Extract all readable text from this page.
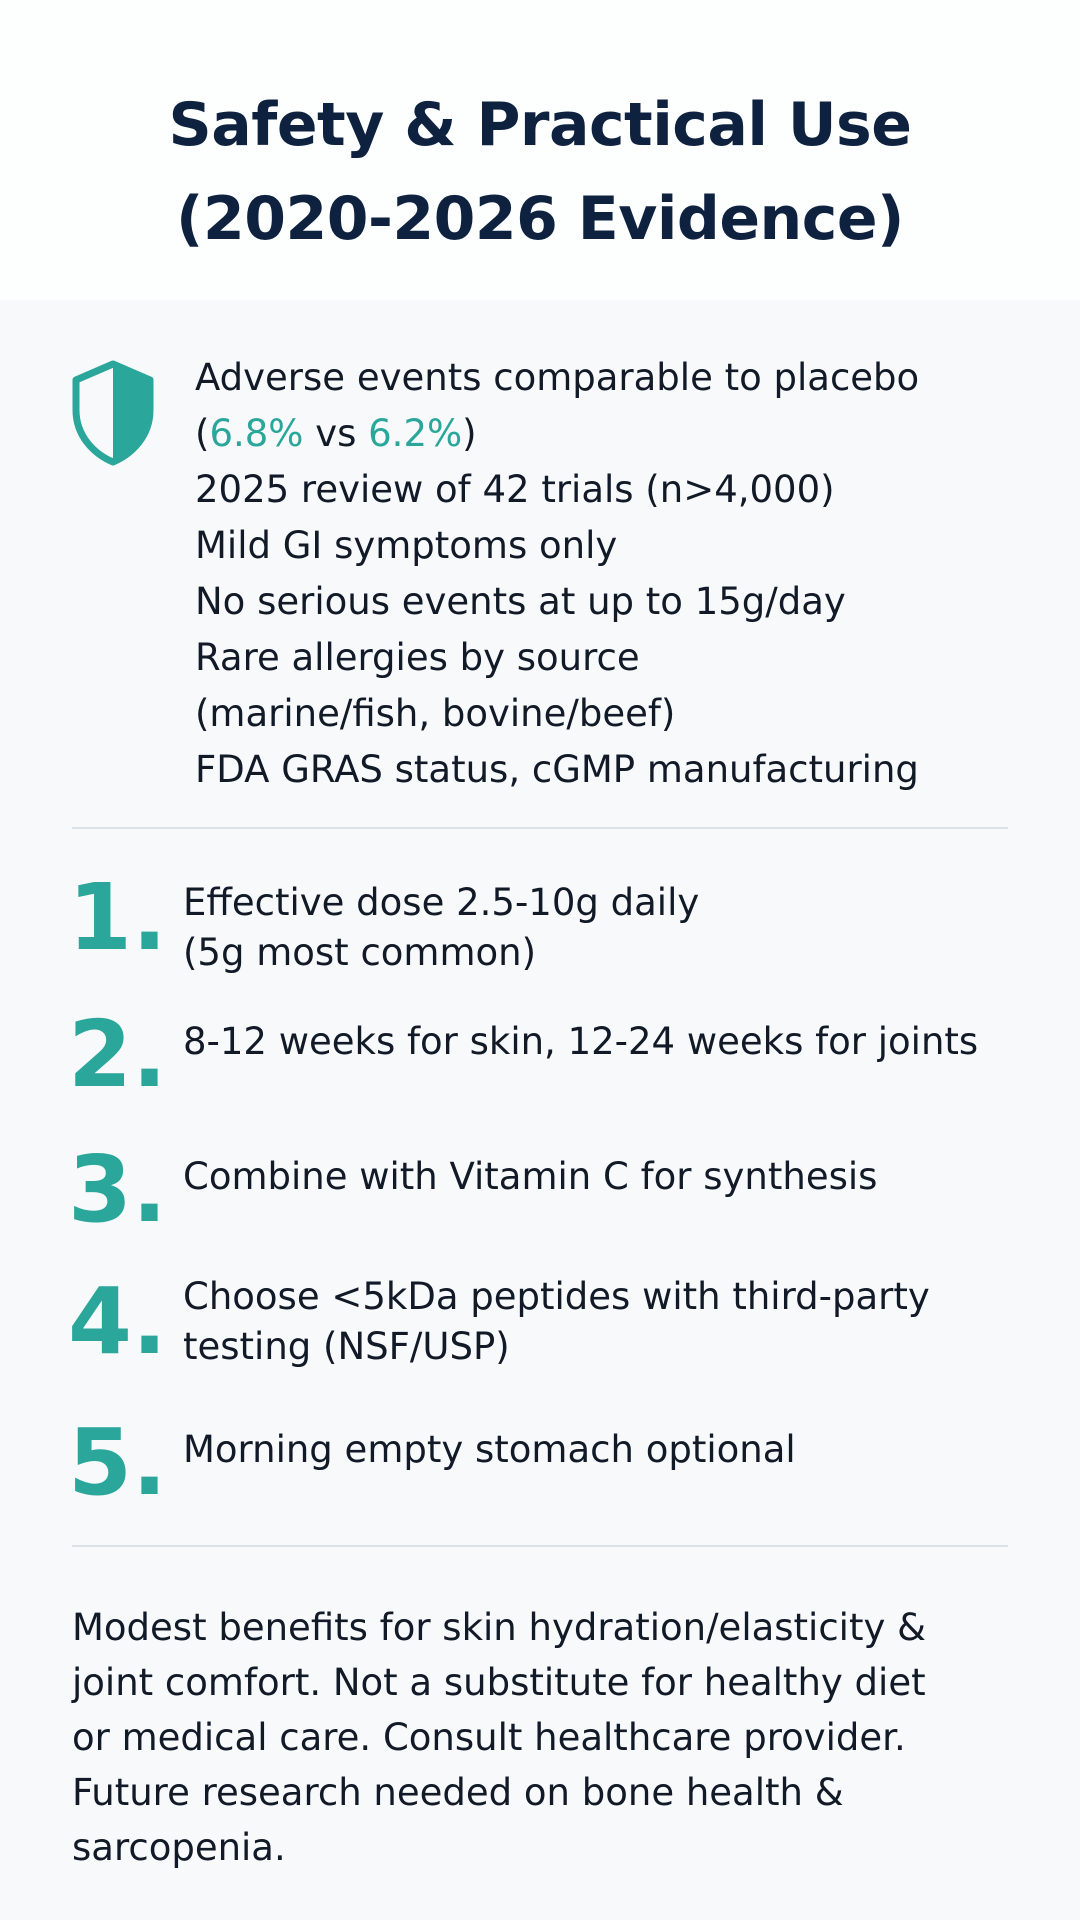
Safety & Practical Use
(2020-2026 Evidence)
Adverse events comparable to placebo
(6.8% vs 6.2%)
2025 review of 42 trials (n>4,000)
Mild GI symptoms only
No serious events at up to 15g/day
Rare allergies by source
(marine/fish, bovine/beef)
FDA GRAS status, cGMP manufacturing
1. Effective dose 2.5-10g daily
(5g most common)
2. 8-12 weeks for skin, 12-24 weeks for joints
3. Combine with Vitamin C for synthesis
4. Choose <5kDa peptides with third-party
testing (NSF/USP)
5. Morning empty stomach optional
Modest benefits for skin hydration/elasticity &
joint comfort. Not a substitute for healthy diet
or medical care. Consult healthcare provider.
Future research needed on bone health &
sarcopenia.
